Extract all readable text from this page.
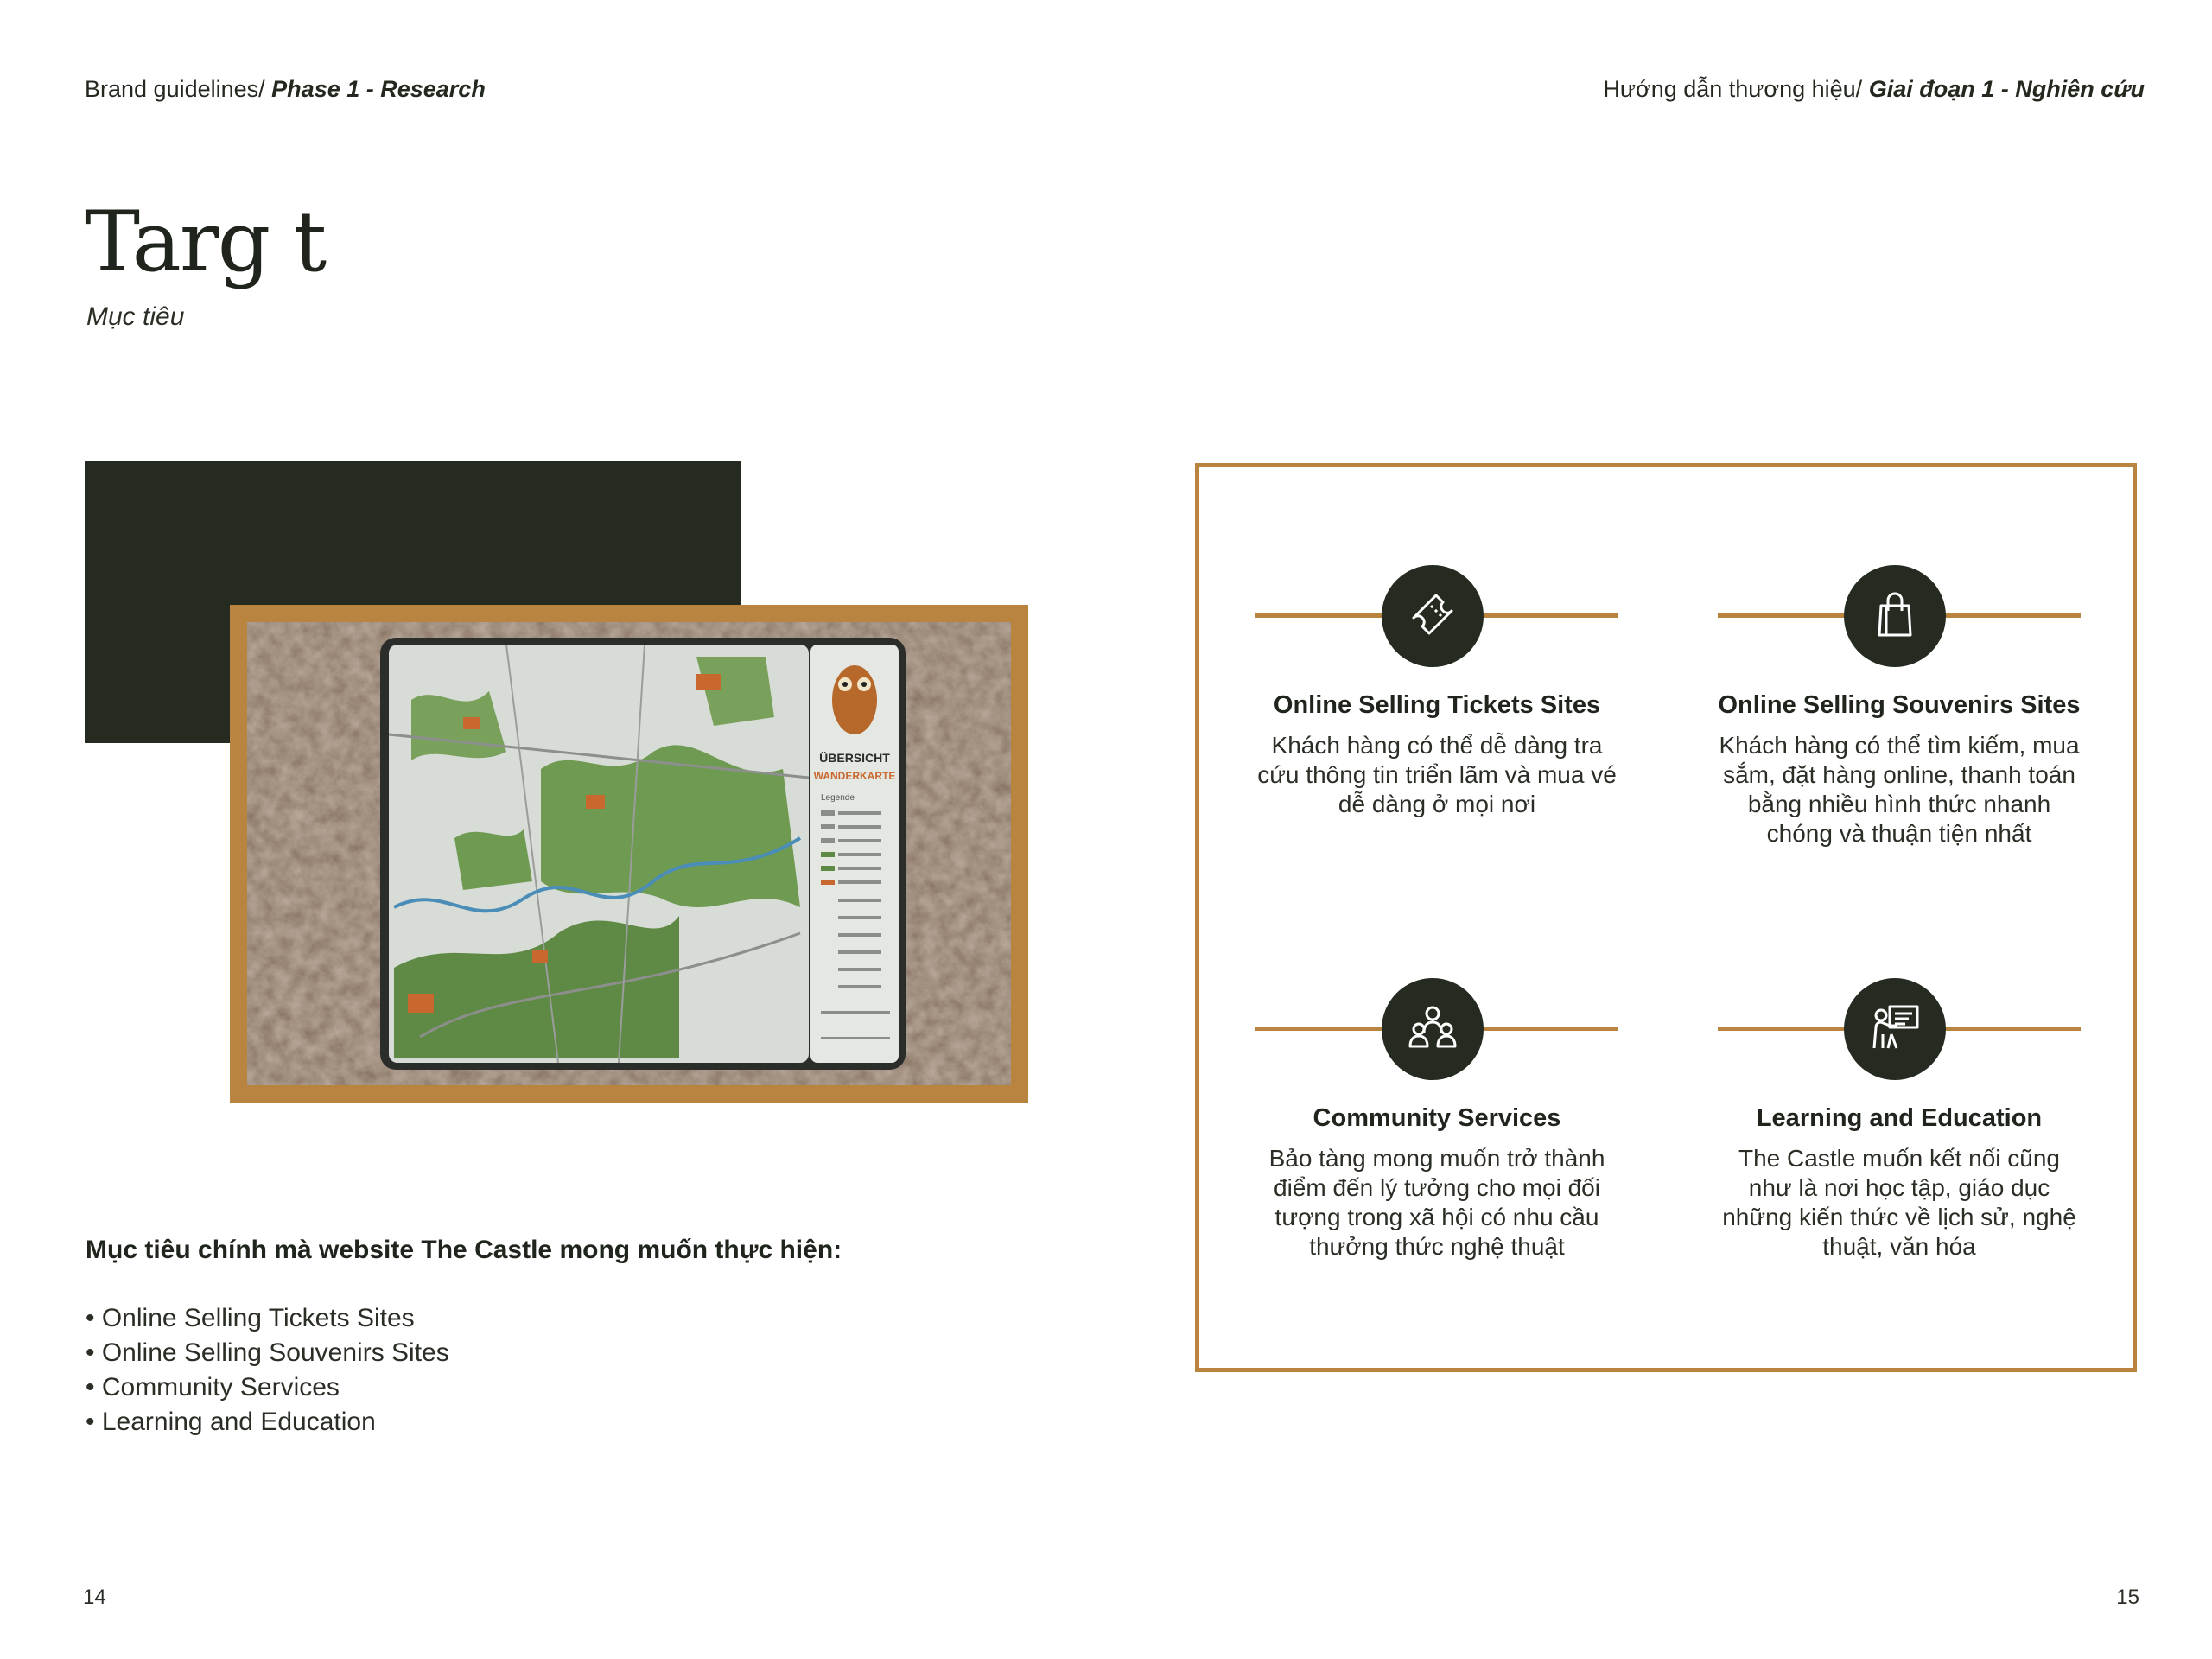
Brand guidelines/ Phase 1 - Research	Hướng dẫn thương hiệu/ Giai đoạn 1 - Nghiên cứu
Targ t
Mục tiêu
ÜBERSICHT
WANDERKARTE
Legende
Mục tiêu chính mà website The Castle mong muốn thực hiện:
• Online Selling Tickets Sites
• Online Selling Souvenirs Sites
• Community Services
• Learning and Education
Online Selling Tickets Sites

Khách hàng có thể dễ dàng tra cứu thông tin triển lãm và mua vé dễ dàng ở mọi nơi

Online Selling Souvenirs Sites

Khách hàng có thể tìm kiếm, mua sắm, đặt hàng online, thanh toán bằng nhiều hình thức nhanh chóng và thuận tiện nhất

Community Services

Bảo tàng mong muốn trở thành điểm đến lý tưởng cho mọi đối tượng trong xã hội có nhu cầu thưởng thức nghệ thuật

Learning and Education

The Castle muốn kết nối cũng như là nơi học tập, giáo dục những kiến thức về lịch sử, nghệ thuật, văn hóa

14	15
